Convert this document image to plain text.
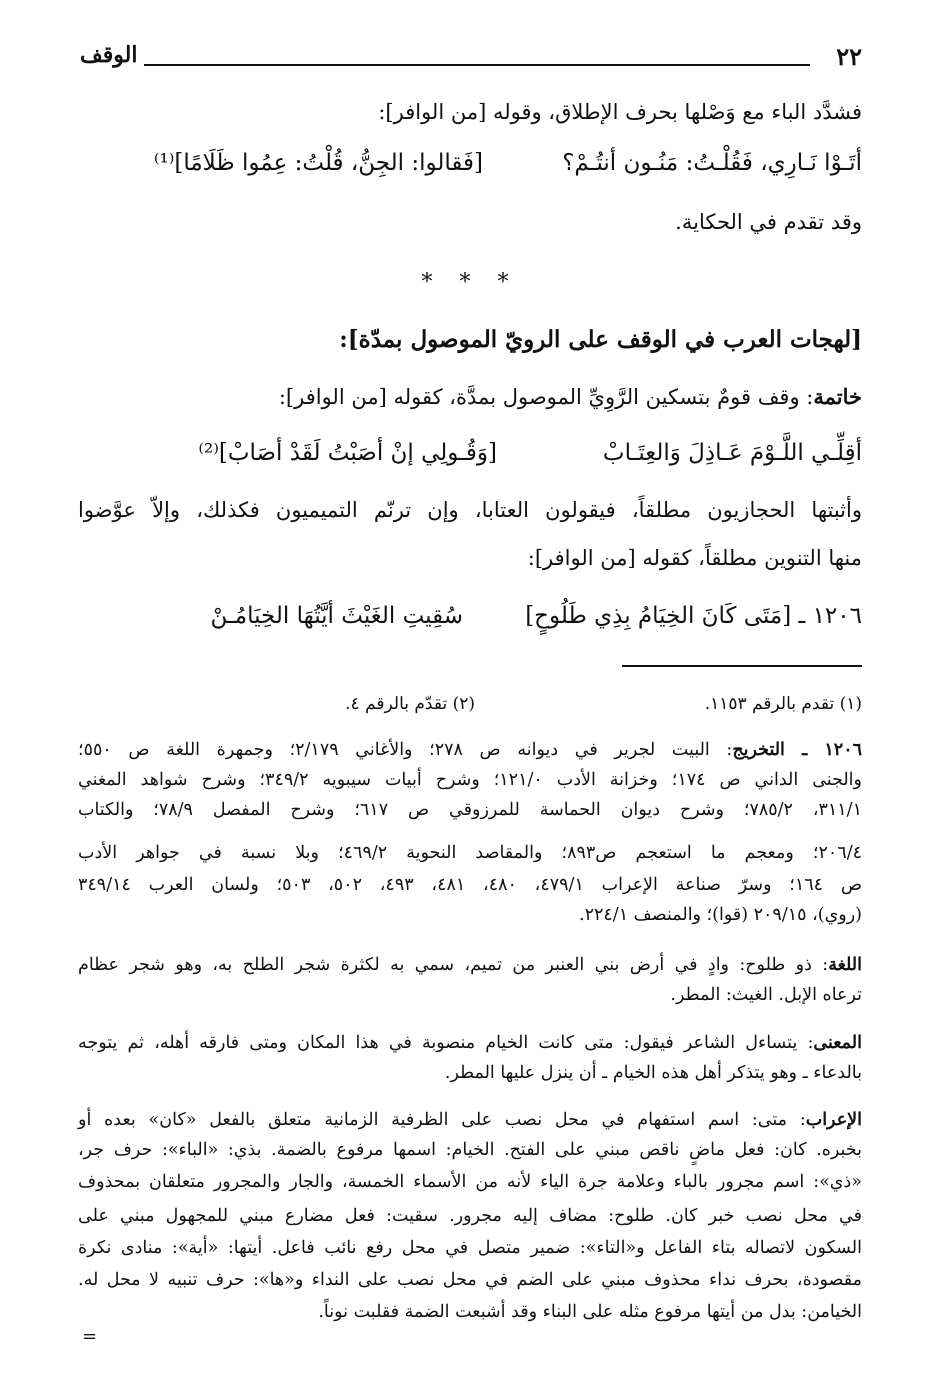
٢٢
الوقف
فشدَّد الباء مع وَصْلها بحرف الإطلاق، وقوله [من الوافر]:
أتَـوْا نَـارِي، فَقُلْـتُ: مَنُـون أنتُـمْ؟
[فَقالوا: الجِنُّ، قُلْتُ: عِمُوا ظَلَامًا]⁽¹⁾
وقد تقدم في الحكاية.
* * *
[لهجات العرب في الوقف على الرويّ الموصول بمدّة]:
خاتمة: وقف قومٌ بتسكين الرَّوِيِّ الموصول بمدَّة، كقوله [من الوافر]:
أقِلِّـي اللَّـوْمَ عَـاذِلَ وَالعِتَـابْ
[وَقُـولِي إنْ أصَبْتُ لَقَدْ أصَابْ]⁽²⁾
وأثبتها الحجازيون مطلقاً، فيقولون العتابا، وإن ترنّم التميميون فكذلك، وإلاّ عوَّضوا
منها التنوين مطلقاً، كقوله [من الوافر]:
١٢٠٦ ـ [مَتَى كَانَ الخِيَامُ بِذِي طَلُوحٍ]
سُقِيتِ الغَيْثَ أيَّتُهَا الخِيَامُـنْ
(١) تقدم بالرقم ١١٥٣.
(٢) تقدّم بالرقم ٤.
١٢٠٦ ـ التخريج: البيت لجرير في ديوانه ص ٢٧٨؛ والأغاني ٢/١٧٩؛ وجمهرة اللغة ص ٥٥٠؛
والجنى الداني ص ١٧٤؛ وخزانة الأدب ١٢١/٠؛ وشرح أبيات سيبويه ٣٤٩/٢؛ وشرح شواهد المغني
٣١١/١، ٧٨٥/٢؛ وشرح ديوان الحماسة للمرزوقي ص ٦١٧؛ وشرح المفصل ٧٨/٩؛ والكتاب
٢٠٦/٤؛ ومعجم ما استعجم ص٨٩٣؛ والمقاصد النحوية ٤٦٩/٢؛ وبلا نسبة في جواهر الأدب
ص ١٦٤؛ وسرّ صناعة الإعراب ٤٧٩/١، ٤٨٠، ٤٨١، ٤٩٣، ٥٠٢، ٥٠٣؛ ولسان العرب ٣٤٩/١٤
(روي)، ٢٠٩/١٥ (قوا)؛ والمنصف ٢٢٤/١.
اللغة: ذو طلوح: وادٍ في أرض بني العنبر من تميم، سمي به لكثرة شجر الطلح به، وهو شجر عظام
ترعاه الإبل. الغيث: المطر.
المعنى: يتساءل الشاعر فيقول: متى كانت الخيام منصوبة في هذا المكان ومتى فارقه أهله، ثم يتوجه
بالدعاء ـ وهو يتذكر أهل هذه الخيام ـ أن ينزل عليها المطر.
الإعراب: متى: اسم استفهام في محل نصب على الظرفية الزمانية متعلق بالفعل «كان» بعده أو
بخبره. كان: فعل ماضٍ ناقص مبني على الفتح. الخيام: اسمها مرفوع بالضمة. بذي: «الباء»: حرف جر،
«ذي»: اسم مجرور بالباء وعلامة جرة الياء لأنه من الأسماء الخمسة، والجار والمجرور متعلقان بمحذوف
في محل نصب خبر كان. طلوح: مضاف إليه مجرور. سقيت: فعل مضارع مبني للمجهول مبني على
السكون لاتصاله بتاء الفاعل و«التاء»: ضمير متصل في محل رفع نائب فاعل. أيتها: «أية»: منادى نكرة
مقصودة، بحرف نداء محذوف مبني على الضم في محل نصب على النداء و«ها»: حرف تنبيه لا محل له.
الخيامن: بدل من أيتها مرفوع مثله على البناء وقد أشبعت الضمة فقلبت نوناً.
=
